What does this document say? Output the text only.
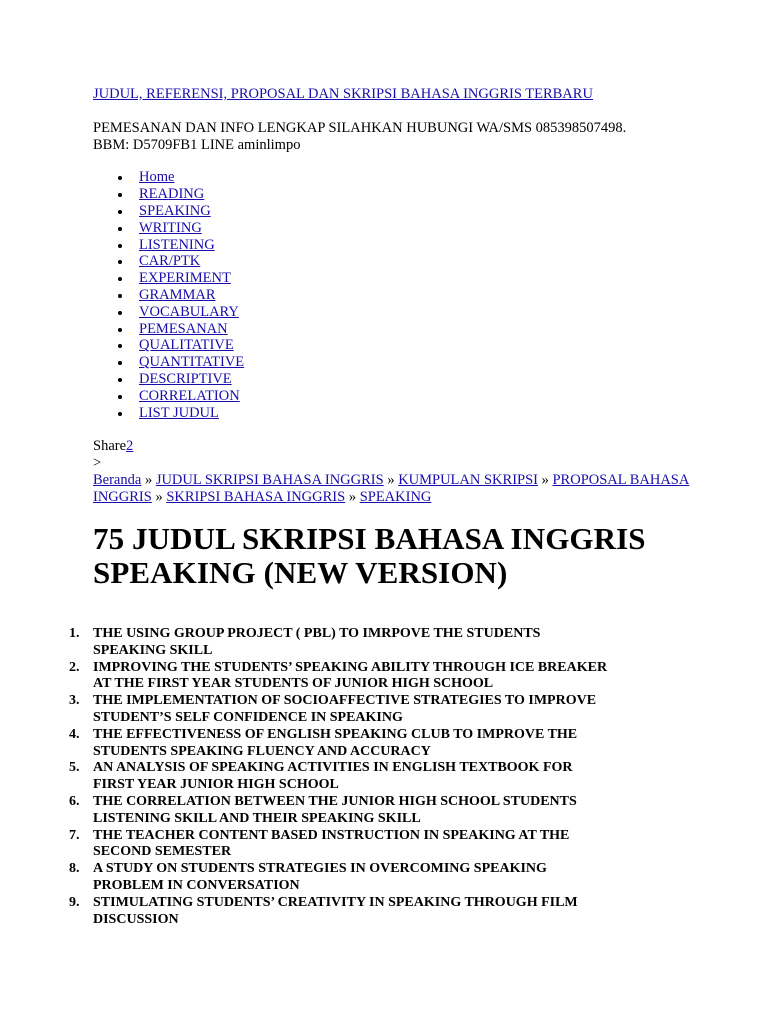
JUDUL, REFERENSI, PROPOSAL DAN SKRIPSI BAHASA INGGRIS TERBARU

PEMESANAN DAN INFO LENGKAP SILAHKAN HUBUNGI WA/SMS 085398507498.
BBM: D5709FB1 LINE aminlimpo

Home
READING
SPEAKING
WRITING
LISTENING
CAR/PTK
EXPERIMENT
GRAMMAR
VOCABULARY
PEMESANAN
QUALITATIVE
QUANTITATIVE
DESCRIPTIVE
CORRELATION
LIST JUDUL
Share2
>
Beranda » JUDUL SKRIPSI BAHASA INGGRIS » KUMPULAN SKRIPSI » PROPOSAL BAHASA INGGRIS » SKRIPSI BAHASA INGGRIS » SPEAKING
75 JUDUL SKRIPSI BAHASA INGGRIS
SPEAKING (NEW VERSION)
1. THE USING GROUP PROJECT ( PBL) TO IMRPOVE THE STUDENTS
SPEAKING SKILL
2. IMPROVING THE STUDENTS’ SPEAKING ABILITY THROUGH ICE BREAKER
AT THE FIRST YEAR STUDENTS OF JUNIOR HIGH SCHOOL
3. THE IMPLEMENTATION OF SOCIOAFFECTIVE STRATEGIES TO IMPROVE
STUDENT’S SELF CONFIDENCE IN SPEAKING
4. THE EFFECTIVENESS OF ENGLISH SPEAKING CLUB TO IMPROVE THE
STUDENTS SPEAKING FLUENCY AND ACCURACY
5. AN ANALYSIS OF SPEAKING ACTIVITIES IN ENGLISH TEXTBOOK FOR
FIRST YEAR JUNIOR HIGH SCHOOL
6. THE CORRELATION BETWEEN THE JUNIOR HIGH SCHOOL STUDENTS
LISTENING SKILL AND THEIR SPEAKING SKILL
7. THE TEACHER CONTENT BASED INSTRUCTION IN SPEAKING AT THE
SECOND SEMESTER
8. A STUDY ON STUDENTS STRATEGIES IN OVERCOMING SPEAKING
PROBLEM IN CONVERSATION
9. STIMULATING STUDENTS’ CREATIVITY IN SPEAKING THROUGH FILM
DISCUSSION
